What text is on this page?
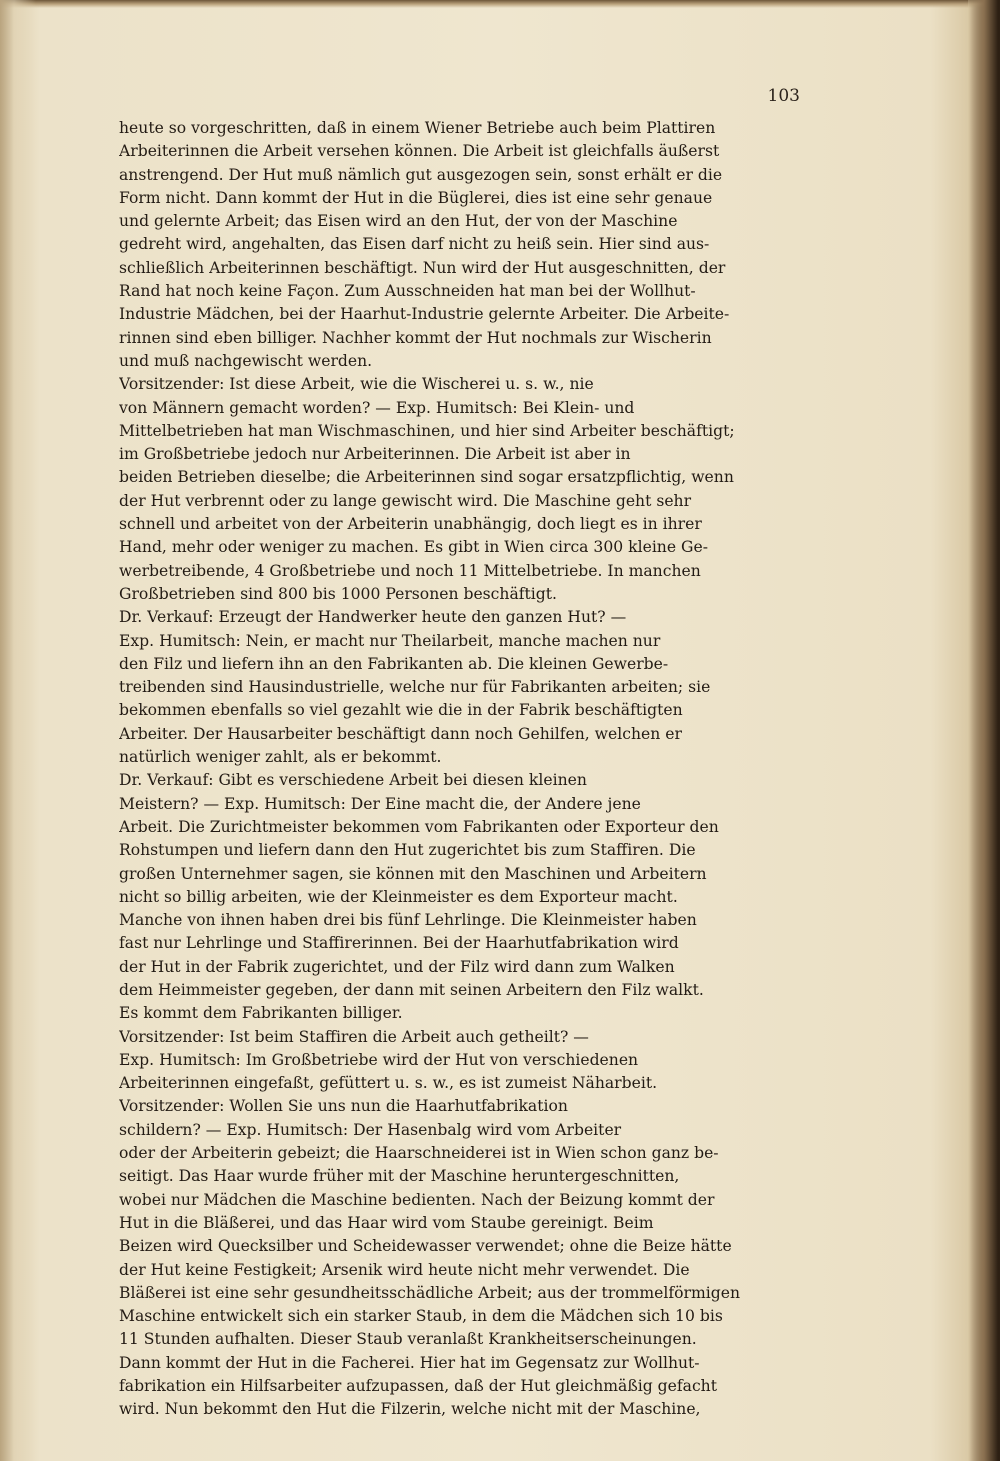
103
heute so vorgeschritten, daß in einem Wiener Betriebe auch beim Plattiren
Arbeiterinnen die Arbeit versehen können. Die Arbeit ist gleichfalls äußerst
anstrengend. Der Hut muß nämlich gut ausgezogen sein, sonst erhält er die
Form nicht. Dann kommt der Hut in die Büglerei, dies ist eine sehr genaue
und gelernte Arbeit; das Eisen wird an den Hut, der von der Maschine
gedreht wird, angehalten, das Eisen darf nicht zu heiß sein. Hier sind aus-
schließlich Arbeiterinnen beschäftigt. Nun wird der Hut ausgeschnitten, der
Rand hat noch keine Façon. Zum Ausschneiden hat man bei der Wollhut-
Industrie Mädchen, bei der Haarhut-Industrie gelernte Arbeiter. Die Arbeite-
rinnen sind eben billiger. Nachher kommt der Hut nochmals zur Wischerin
und muß nachgewischt werden.
Vorsitzender: Ist diese Arbeit, wie die Wischerei u. s. w., nie
von Männern gemacht worden? — Exp. Humitsch: Bei Klein- und
Mittelbetrieben hat man Wischmaschinen, und hier sind Arbeiter beschäftigt;
im Großbetriebe jedoch nur Arbeiterinnen. Die Arbeit ist aber in
beiden Betrieben dieselbe; die Arbeiterinnen sind sogar ersatzpflichtig, wenn
der Hut verbrennt oder zu lange gewischt wird. Die Maschine geht sehr
schnell und arbeitet von der Arbeiterin unabhängig, doch liegt es in ihrer
Hand, mehr oder weniger zu machen. Es gibt in Wien circa 300 kleine Ge-
werbetreibende, 4 Großbetriebe und noch 11 Mittelbetriebe. In manchen
Großbetrieben sind 800 bis 1000 Personen beschäftigt.
Dr. Verkauf: Erzeugt der Handwerker heute den ganzen Hut? —
Exp. Humitsch: Nein, er macht nur Theilarbeit, manche machen nur
den Filz und liefern ihn an den Fabrikanten ab. Die kleinen Gewerbe-
treibenden sind Hausindustrielle, welche nur für Fabrikanten arbeiten; sie
bekommen ebenfalls so viel gezahlt wie die in der Fabrik beschäftigten
Arbeiter. Der Hausarbeiter beschäftigt dann noch Gehilfen, welchen er
natürlich weniger zahlt, als er bekommt.
Dr. Verkauf: Gibt es verschiedene Arbeit bei diesen kleinen
Meistern? — Exp. Humitsch: Der Eine macht die, der Andere jene
Arbeit. Die Zurichtmeister bekommen vom Fabrikanten oder Exporteur den
Rohstumpen und liefern dann den Hut zugerichtet bis zum Staffiren. Die
großen Unternehmer sagen, sie können mit den Maschinen und Arbeitern
nicht so billig arbeiten, wie der Kleinmeister es dem Exporteur macht.
Manche von ihnen haben drei bis fünf Lehrlinge. Die Kleinmeister haben
fast nur Lehrlinge und Staffirerinnen. Bei der Haarhutfabrikation wird
der Hut in der Fabrik zugerichtet, und der Filz wird dann zum Walken
dem Heimmeister gegeben, der dann mit seinen Arbeitern den Filz walkt.
Es kommt dem Fabrikanten billiger.
Vorsitzender: Ist beim Staffiren die Arbeit auch getheilt? —
Exp. Humitsch: Im Großbetriebe wird der Hut von verschiedenen
Arbeiterinnen eingefaßt, gefüttert u. s. w., es ist zumeist Näharbeit.
Vorsitzender: Wollen Sie uns nun die Haarhutfabrikation
schildern? — Exp. Humitsch: Der Hasenbalg wird vom Arbeiter
oder der Arbeiterin gebeizt; die Haarschneiderei ist in Wien schon ganz be-
seitigt. Das Haar wurde früher mit der Maschine heruntergeschnitten,
wobei nur Mädchen die Maschine bedienten. Nach der Beizung kommt der
Hut in die Bläßerei, und das Haar wird vom Staube gereinigt. Beim
Beizen wird Quecksilber und Scheidewasser verwendet; ohne die Beize hätte
der Hut keine Festigkeit; Arsenik wird heute nicht mehr verwendet. Die
Bläßerei ist eine sehr gesundheitsschädliche Arbeit; aus der trommelförmigen
Maschine entwickelt sich ein starker Staub, in dem die Mädchen sich 10 bis
11 Stunden aufhalten. Dieser Staub veranlaßt Krankheitserscheinungen.
Dann kommt der Hut in die Facherei. Hier hat im Gegensatz zur Wollhut-
fabrikation ein Hilfsarbeiter aufzupassen, daß der Hut gleichmäßig gefacht
wird. Nun bekommt den Hut die Filzerin, welche nicht mit der Maschine,
